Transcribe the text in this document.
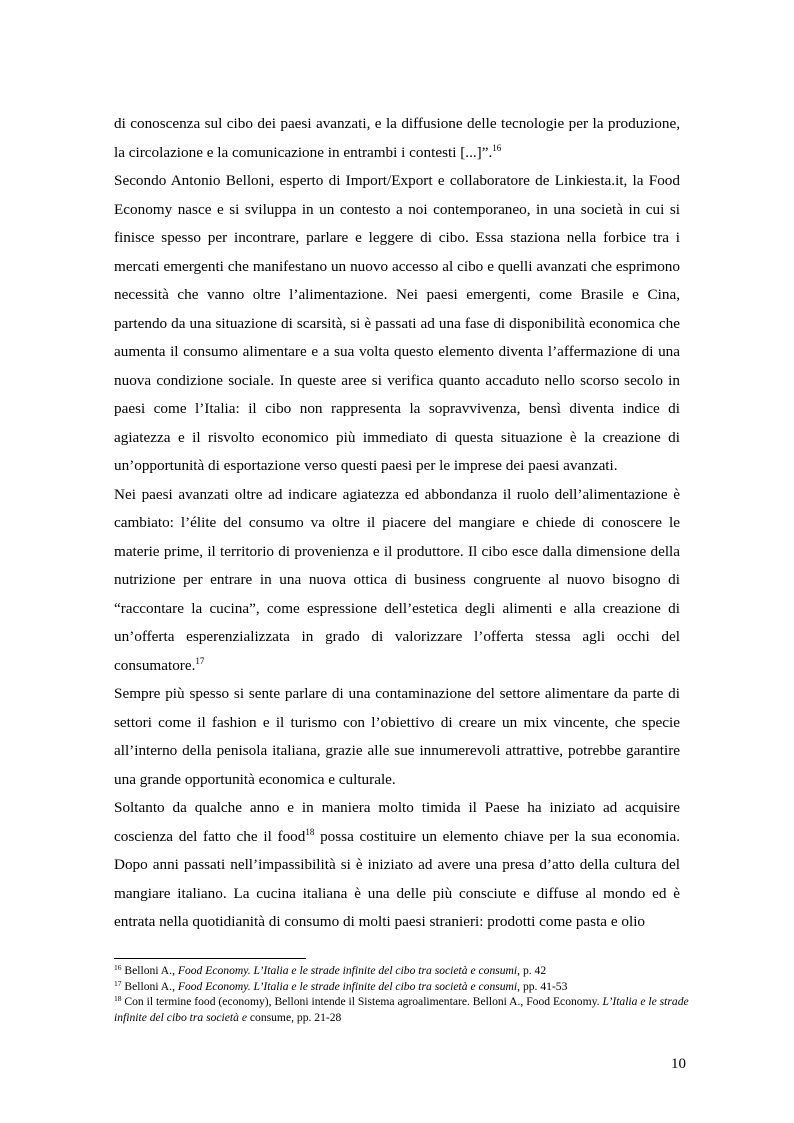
di conoscenza sul cibo dei paesi avanzati, e la diffusione delle tecnologie per la produzione, la circolazione e la comunicazione in entrambi i contesti [...]”.$^{16}$

Secondo Antonio Belloni, esperto di Import/Export e collaboratore de Linkiesta.it, la Food Economy nasce e si sviluppa in un contesto a noi contemporaneo, in una società in cui si finisce spesso per incontrare, parlare e leggere di cibo. Essa staziona nella forbice tra i mercati emergenti che manifestano un nuovo accesso al cibo e quelli avanzati che esprimono necessità che vanno oltre l’alimentazione. Nei paesi emergenti, come Brasile e Cina, partendo da una situazione di scarsità, si è passati ad una fase di disponibilità economica che aumenta il consumo alimentare e a sua volta questo elemento diventa l’affermazione di una nuova condizione sociale. In queste aree si verifica quanto accaduto nello scorso secolo in paesi come l’Italia: il cibo non rappresenta la sopravvivenza, bensì diventa indice di agiatezza e il risvolto economico più immediato di questa situazione è la creazione di un’opportunità di esportazione verso questi paesi per le imprese dei paesi avanzati.

Nei paesi avanzati oltre ad indicare agiatezza ed abbondanza il ruolo dell’alimentazione è cambiato: l’élite del consumo va oltre il piacere del mangiare e chiede di conoscere le materie prime, il territorio di provenienza e il produttore. Il cibo esce dalla dimensione della nutrizione per entrare in una nuova ottica di business congruente al nuovo bisogno di “raccontare la cucina”, come espressione dell’estetica degli alimenti e alla creazione di un’offerta esperenzializzata in grado di valorizzare l’offerta stessa agli occhi del consumatore.$^{17}$

Sempre più spesso si sente parlare di una contaminazione del settore alimentare da parte di settori come il fashion e il turismo con l’obiettivo di creare un mix vincente, che specie all’interno della penisola italiana, grazie alle sue innumerevoli attrattive, potrebbe garantire una grande opportunità economica e culturale.

Soltanto da qualche anno e in maniera molto timida il Paese ha iniziato ad acquisire coscienza del fatto che il food$^{18}$ possa costituire un elemento chiave per la sua economia. Dopo anni passati nell’impassibilità si è iniziato ad avere una presa d’atto della cultura del mangiare italiano. La cucina italiana è una delle più consciute e diffuse al mondo ed è entrata nella quotidianità di consumo di molti paesi stranieri: prodotti come pasta e olio

$^{16}$ Belloni A., Food Economy. L’Italia e le strade infinite del cibo tra società e consumi, p. 42

$^{17}$ Belloni A., Food Economy. L’Italia e le strade infinite del cibo tra società e consumi, pp. 41-53

$^{18}$ Con il termine food (economy), Belloni intende il Sistema agroalimentare. Belloni A., Food Economy. L’Italia e le strade infinite del cibo tra società e consume, pp. 21-28

10
